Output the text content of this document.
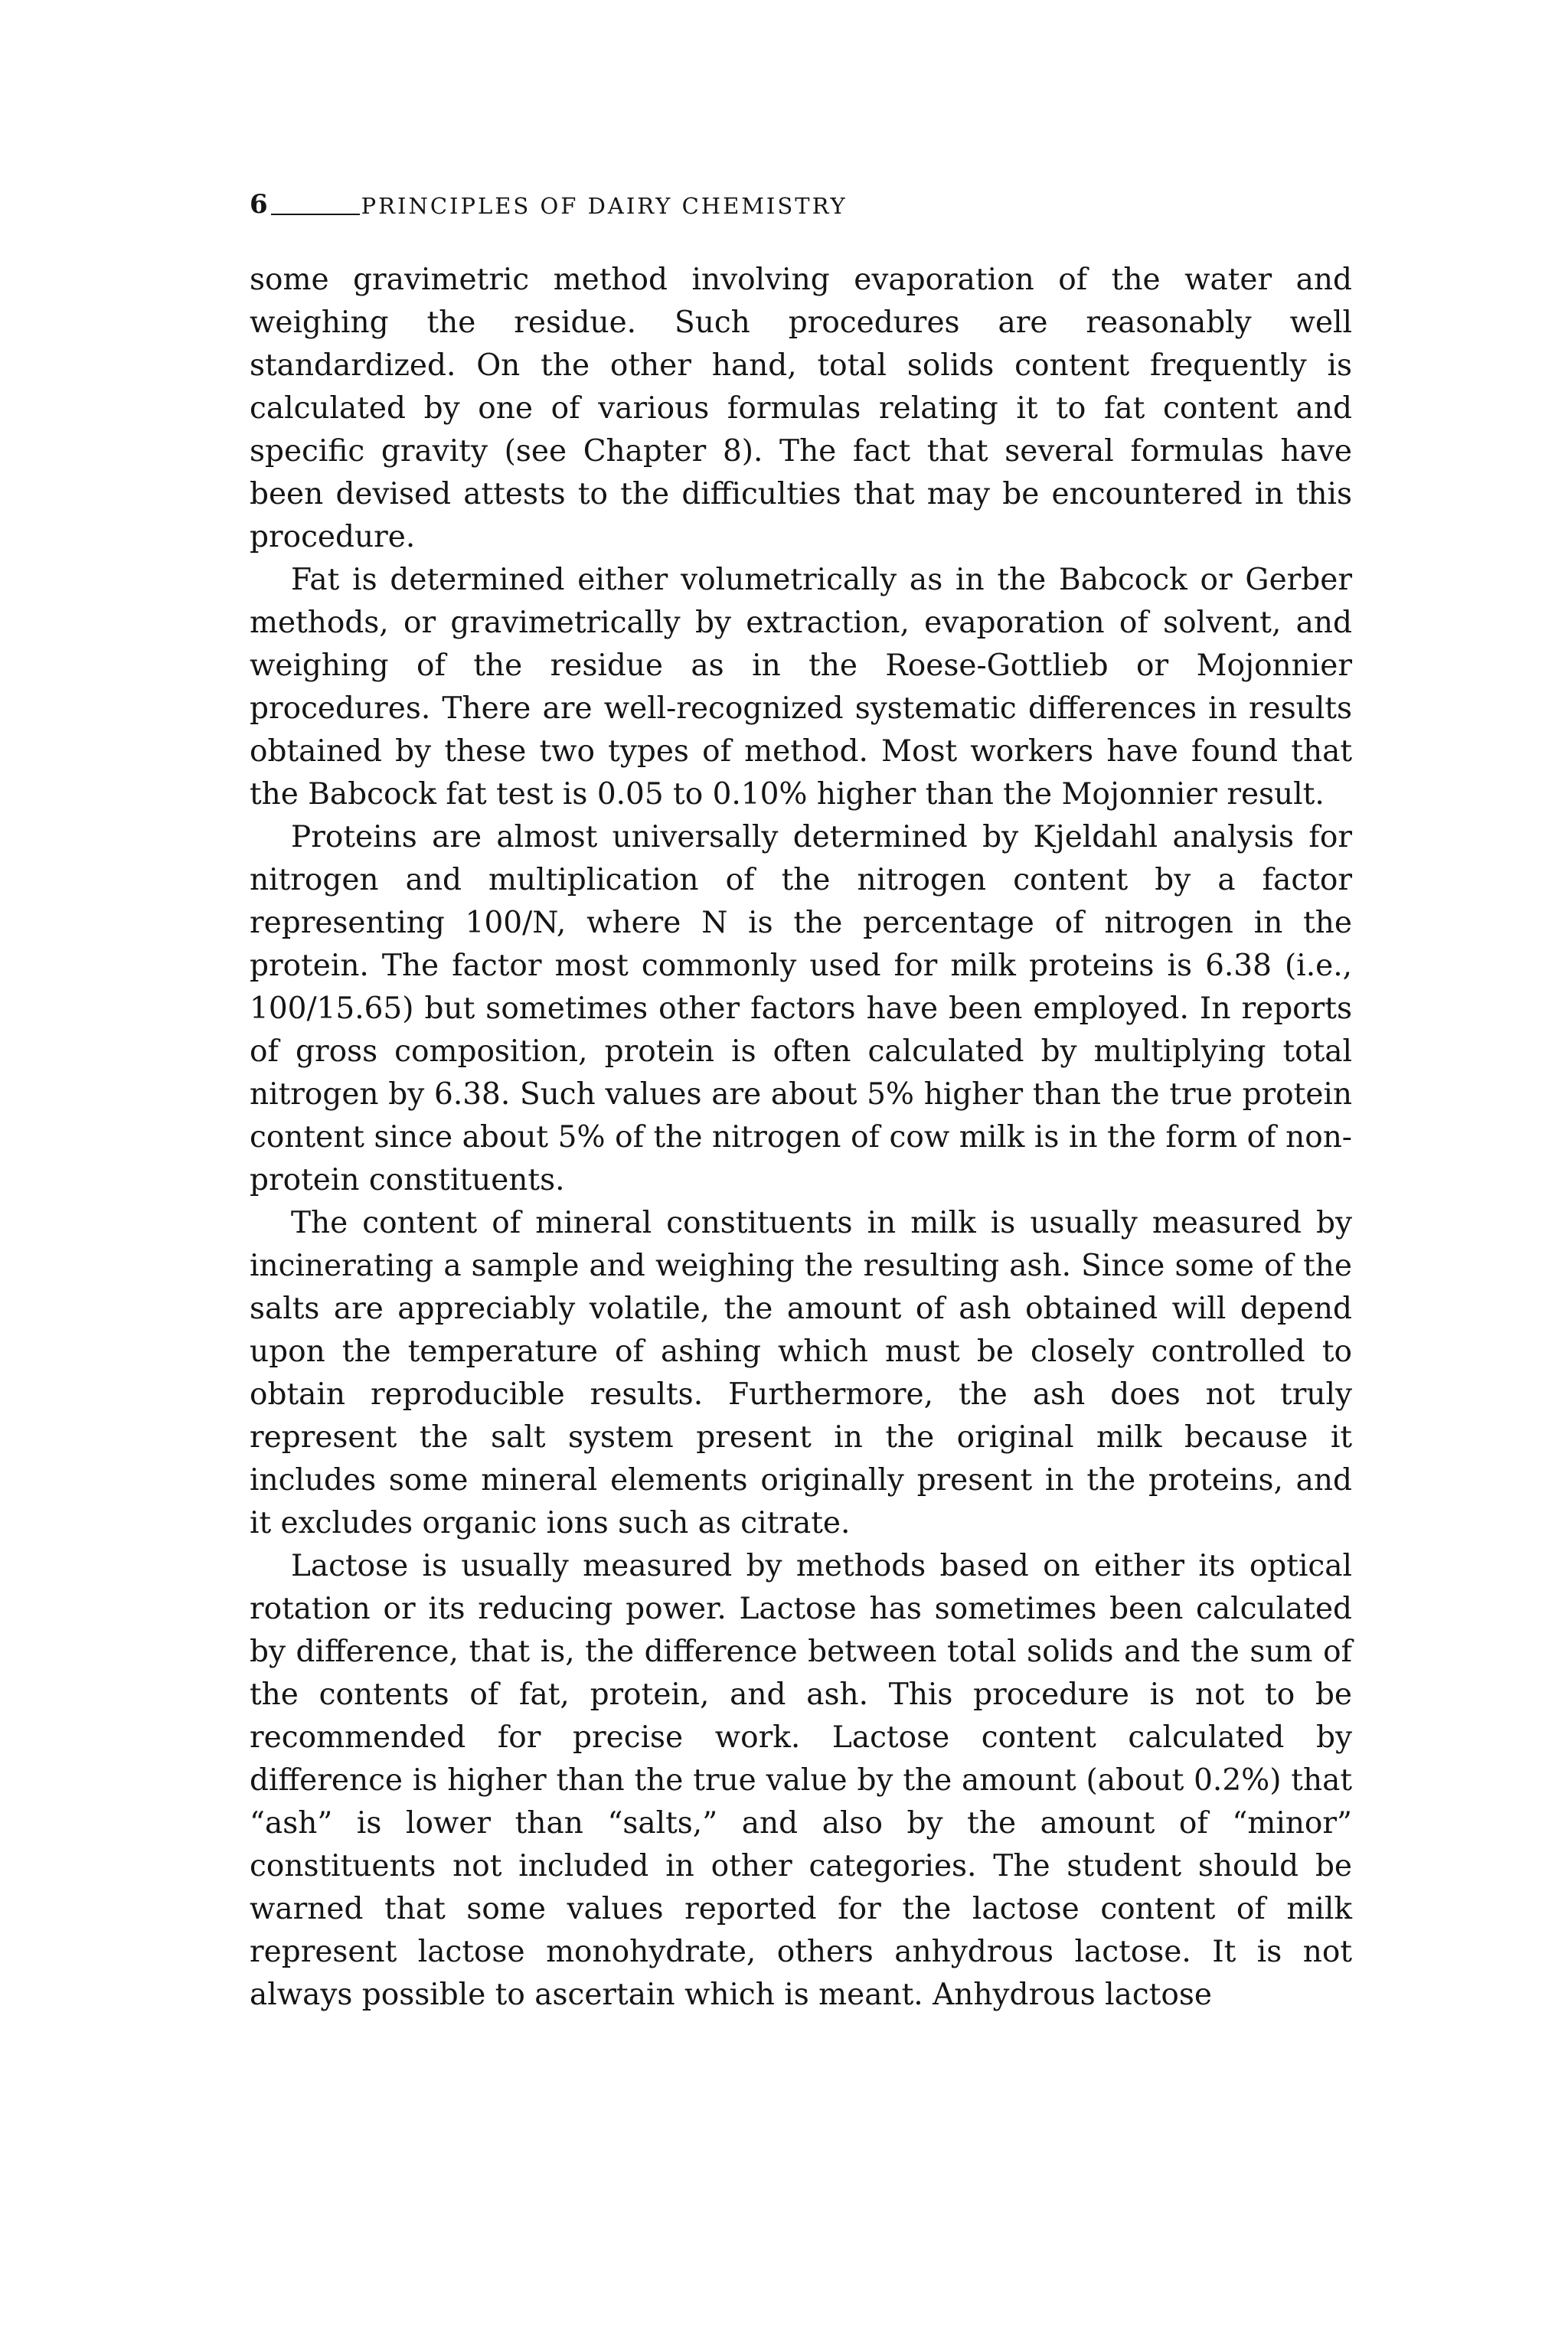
6	PRINCIPLES OF DAIRY CHEMISTRY

some gravimetric method involving evaporation of the water and weighing the residue. Such procedures are reasonably well standardized. On the other hand, total solids content frequently is calculated by one of various formulas relating it to fat content and specific gravity (see Chapter 8). The fact that several formulas have been devised attests to the difficulties that may be encountered in this procedure.

Fat is determined either volumetrically as in the Babcock or Gerber methods, or gravimetrically by extraction, evaporation of solvent, and weighing of the residue as in the Roese-Gottlieb or Mojonnier procedures. There are well-recognized systematic differences in results obtained by these two types of method. Most workers have found that the Babcock fat test is 0.05 to 0.10% higher than the Mojonnier result.

Proteins are almost universally determined by Kjeldahl analysis for nitrogen and multiplication of the nitrogen content by a factor representing 100/N, where N is the percentage of nitrogen in the protein. The factor most commonly used for milk proteins is 6.38 (i.e., 100/15.65) but sometimes other factors have been employed. In reports of gross composition, protein is often calculated by multiplying total nitrogen by 6.38. Such values are about 5% higher than the true protein content since about 5% of the nitrogen of cow milk is in the form of non-protein constituents.

The content of mineral constituents in milk is usually measured by incinerating a sample and weighing the resulting ash. Since some of the salts are appreciably volatile, the amount of ash obtained will depend upon the temperature of ashing which must be closely controlled to obtain reproducible results. Furthermore, the ash does not truly represent the salt system present in the original milk because it includes some mineral elements originally present in the proteins, and it excludes organic ions such as citrate.

Lactose is usually measured by methods based on either its optical rotation or its reducing power. Lactose has sometimes been calculated by difference, that is, the difference between total solids and the sum of the contents of fat, protein, and ash. This procedure is not to be recommended for precise work. Lactose content calculated by difference is higher than the true value by the amount (about 0.2%) that “ash” is lower than “salts,” and also by the amount of “minor” constituents not included in other categories. The student should be warned that some values reported for the lactose content of milk represent lactose monohydrate, others anhydrous lactose. It is not always possible to ascertain which is meant. Anhydrous lactose
